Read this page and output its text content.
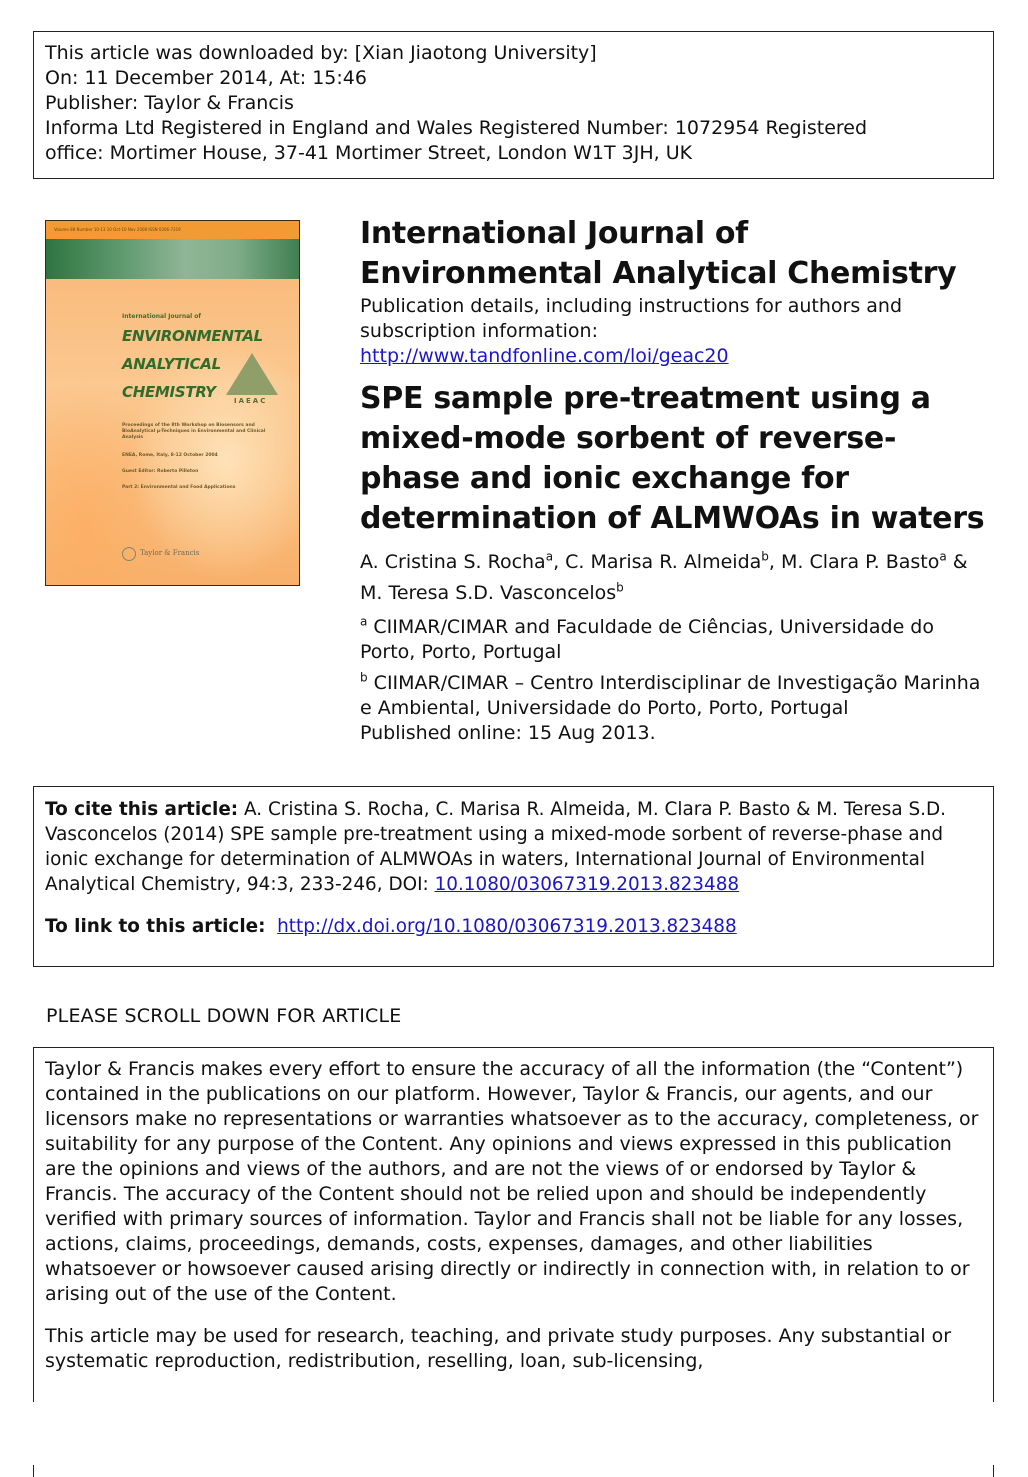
This article was downloaded by: [Xian Jiaotong University]
On: 11 December 2014, At: 15:46
Publisher: Taylor & Francis
Informa Ltd Registered in England and Wales Registered Number: 1072954 Registered
office: Mortimer House, 37-41 Mortimer Street, London W1T 3JH, UK
Volume 88 Number 10-13 10 Oct-10 Nov 2008 ISSN 0306-7319
International Journal of
ENVIRONMENTAL
ANALYTICAL
CHEMISTRY	IAEAC
Proceedings of the 8th Workshop on Biosensors and BioAnalytical µ-Techniques in Environmental and Clinical Analysis
ENEA, Rome, Italy, 8-12 October 2004
Guest Editor: Roberto Pilloton
Part 2: Environmental and Food Applications
Taylor & Francis
International Journal of Environmental Analytical Chemistry
Publication details, including instructions for authors and subscription information:
http://www.tandfonline.com/loi/geac20
SPE sample pre-treatment using a mixed-mode sorbent of reverse-phase and ionic exchange for determination of ALMWOAs in waters
A. Cristina S. Rocha$^a$, C. Marisa R. Almeida$^b$, M. Clara P. Basto$^a$ & M. Teresa S.D. Vasconcelos$^b$
$^a$ CIIMAR/CIMAR and Faculdade de Ciências, Universidade do Porto, Porto, Portugal
$^b$ CIIMAR/CIMAR – Centro Interdisciplinar de Investigação Marinha e Ambiental, Universidade do Porto, Porto, Portugal
Published online: 15 Aug 2013.
To cite this article: A. Cristina S. Rocha, C. Marisa R. Almeida, M. Clara P. Basto & M. Teresa S.D. Vasconcelos (2014) SPE sample pre-treatment using a mixed-mode sorbent of reverse-phase and ionic exchange for determination of ALMWOAs in waters, International Journal of Environmental Analytical Chemistry, 94:3, 233-246, DOI: 10.1080/03067319.2013.823488
To link to this article: http://dx.doi.org/10.1080/03067319.2013.823488
PLEASE SCROLL DOWN FOR ARTICLE

Taylor & Francis makes every effort to ensure the accuracy of all the information (the “Content”) contained in the publications on our platform. However, Taylor & Francis, our agents, and our licensors make no representations or warranties whatsoever as to the accuracy, completeness, or suitability for any purpose of the Content. Any opinions and views expressed in this publication are the opinions and views of the authors, and are not the views of or endorsed by Taylor & Francis. The accuracy of the Content should not be relied upon and should be independently verified with primary sources of information. Taylor and Francis shall not be liable for any losses, actions, claims, proceedings, demands, costs, expenses, damages, and other liabilities whatsoever or howsoever caused arising directly or indirectly in connection with, in relation to or arising out of the use of the Content.

This article may be used for research, teaching, and private study purposes. Any substantial or systematic reproduction, redistribution, reselling, loan, sub-licensing,
